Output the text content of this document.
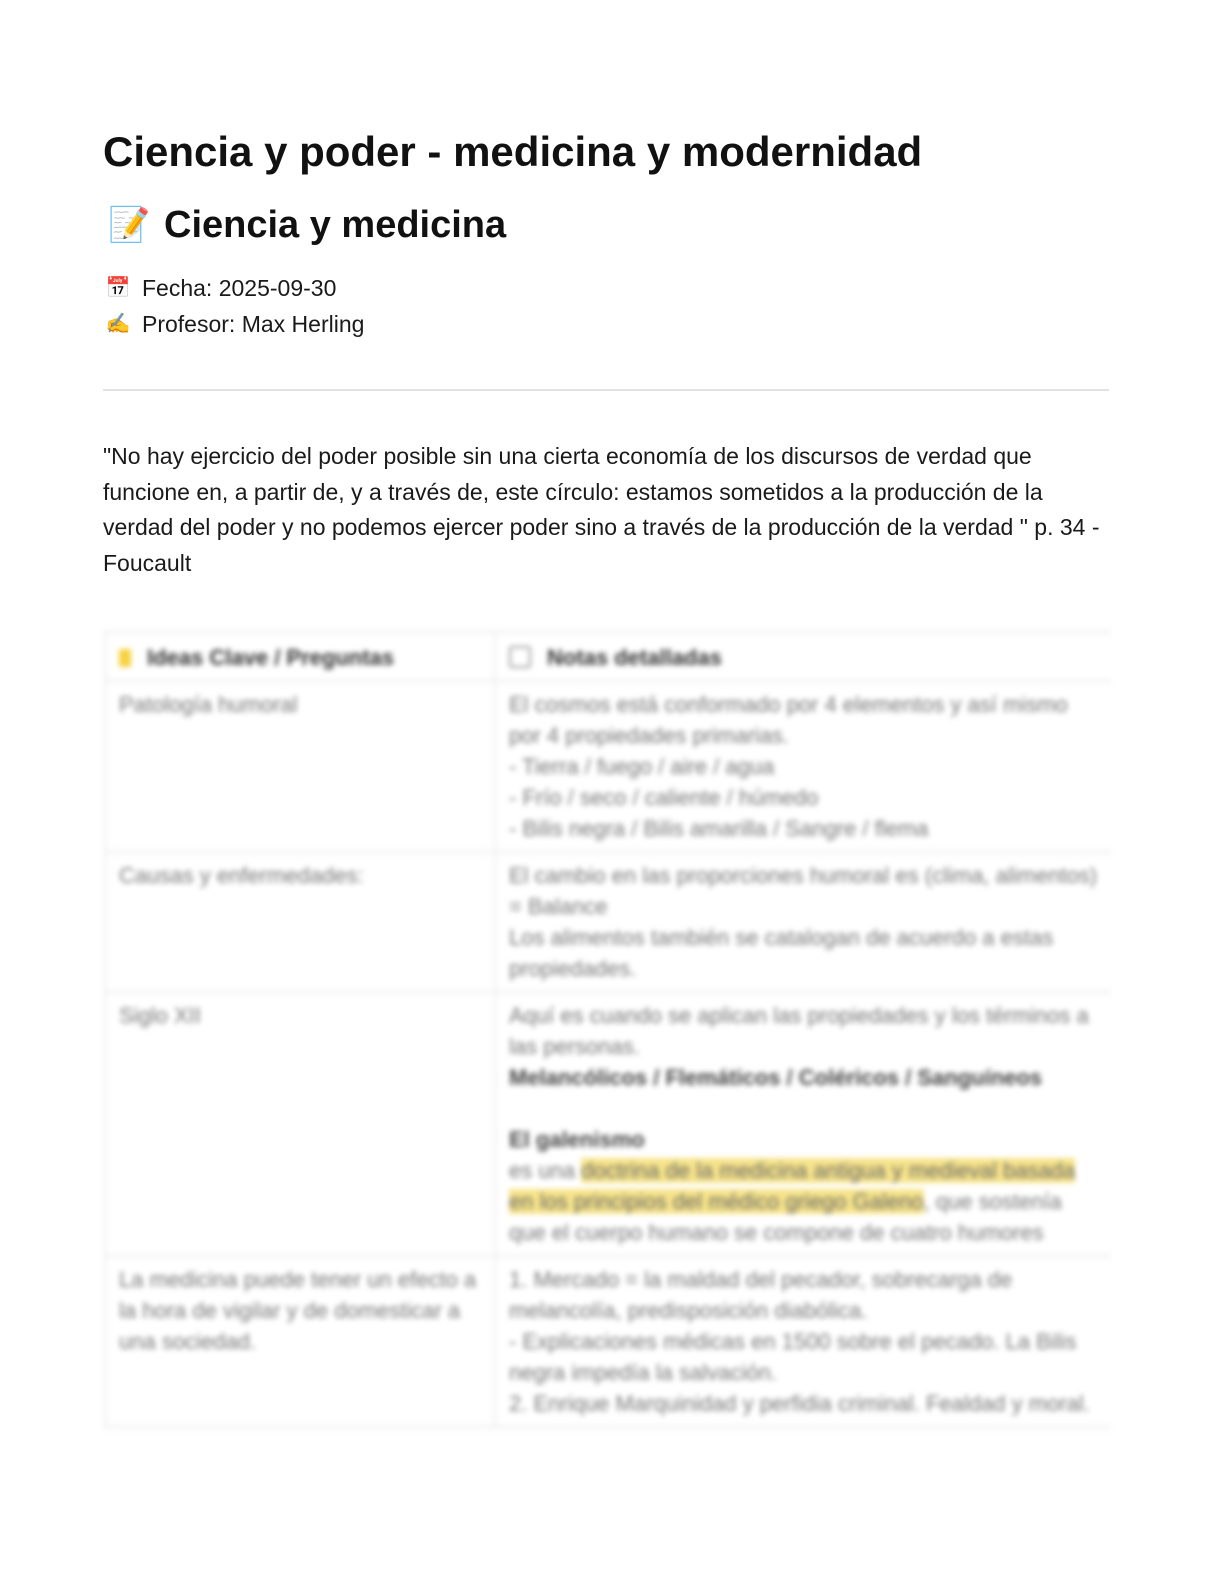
Ciencia y poder - medicina y modernidad
📝 Ciencia y medicina
📅 Fecha: 2025-09-30
✍️ Profesor: Max Herling

"No hay ejercicio del poder posible sin una cierta economía de los discursos de verdad que funcione en, a partir de, y a través de, este círculo: estamos sometidos a la producción de la verdad del poder y no podemos ejercer poder sino a través de la producción de la verdad " p. 34 - Foucault

Ideas Clave / Preguntas	Notas detalladas
Patología humoral	El cosmos está conformado por 4 elementos y así mismo por 4 propiedades primarias.
- Tierra / fuego / aire / agua
- Frío / seco / caliente / húmedo
- Bilis negra / Bilis amarilla / Sangre / flema

Causas y enfermedades:	El cambio en las proporciones humoral es (clima, alimentos) = Balance
Los alimentos también se catalogan de acuerdo a estas propiedades.

Siglo XII	Aquí es cuando se aplican las propiedades y los términos a las personas.
Melancólicos / Flemáticos / Coléricos / Sanguíneos
El galenismo
es una doctrina de la medicina antigua y medieval basada en los principios del médico griego Galeno, que sostenía que el cuerpo humano se compone de cuatro humores

La medicina puede tener un efecto a la hora de vigilar y de domesticar a una sociedad.	1. Mercado = la maldad del pecador, sobrecarga de melancolía, predisposición diabólica.
- Explicaciones médicas en 1500 sobre el pecado. La Bilis negra impedía la salvación.
2. Enrique Marquinidad y perfidia criminal. Fealdad y moral.
